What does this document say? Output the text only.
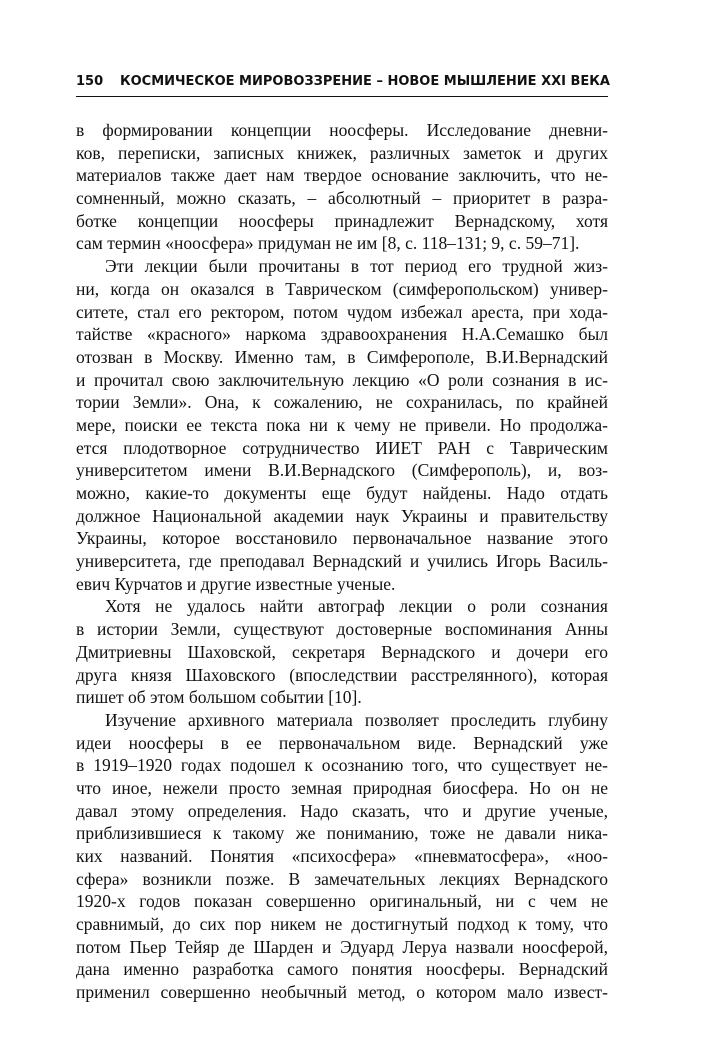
150 КОСМИЧЕСКОЕ МИРОВОЗЗРЕНИЕ – НОВОЕ МЫШЛЕНИЕ XXI ВЕКА
в формировании концепции ноосферы. Исследование дневни-
ков, переписки, записных книжек, различных заметок и других
материалов также дает нам твердое основание заключить, что не-
сомненный, можно сказать, – абсолютный – приоритет в разра-
ботке концепции ноосферы принадлежит Вернадскому, хотя
сам термин «ноосфера» придуман не им [8, с. 118–131; 9, с. 59–71].
Эти лекции были прочитаны в тот период его трудной жиз-
ни, когда он оказался в Таврическом (симферопольском) универ-
ситете, стал его ректором, потом чудом избежал ареста, при хода-
тайстве «красного» наркома здравоохранения Н.А.Семашко был
отозван в Москву. Именно там, в Симферополе, В.И.Вернадский
и прочитал свою заключительную лекцию «О роли сознания в ис-
тории Земли». Она, к сожалению, не сохранилась, по крайней
мере, поиски ее текста пока ни к чему не привели. Но продолжа-
ется плодотворное сотрудничество ИИЕТ РАН с Таврическим
университетом имени В.И.Вернадского (Симферополь), и, воз-
можно, какие-то документы еще будут найдены. Надо отдать
должное Национальной академии наук Украины и правительству
Украины, которое восстановило первоначальное название этого
университета, где преподавал Вернадский и учились Игорь Василь-
евич Курчатов и другие известные ученые.
Хотя не удалось найти автограф лекции о роли сознания
в истории Земли, существуют достоверные воспоминания Анны
Дмитриевны Шаховской, секретаря Вернадского и дочери его
друга князя Шаховского (впоследствии расстрелянного), которая
пишет об этом большом событии [10].
Изучение архивного материала позволяет проследить глубину
идеи ноосферы в ее первоначальном виде. Вернадский уже
в 1919–1920 годах подошел к осознанию того, что существует не-
что иное, нежели просто земная природная биосфера. Но он не
давал этому определения. Надо сказать, что и другие ученые,
приблизившиеся к такому же пониманию, тоже не давали ника-
ких названий. Понятия «психосфера» «пневматосфера», «ноо-
сфера» возникли позже. В замечательных лекциях Вернадского
1920-х годов показан совершенно оригинальный, ни с чем не
сравнимый, до сих пор никем не достигнутый подход к тому, что
потом Пьер Тейяр де Шарден и Эдуард Леруа назвали ноосферой,
дана именно разработка самого понятия ноосферы. Вернадский
применил совершенно необычный метод, о котором мало извест-
